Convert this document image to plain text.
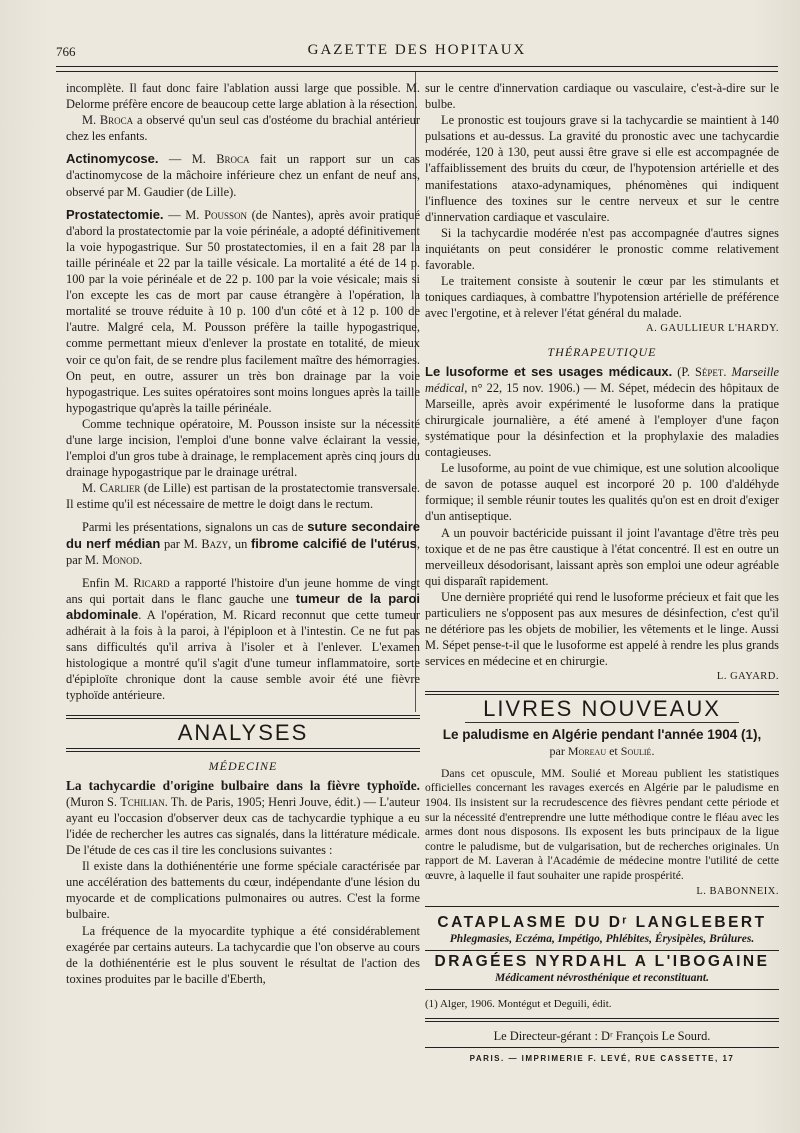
766	GAZETTE DES HOPITAUX

incomplète. Il faut donc faire l'ablation aussi large que possible. M. Delorme préfère encore de beaucoup cette large ablation à la résection.

M. Broca a observé qu'un seul cas d'ostéome du brachial antérieur chez les enfants.

Actinomycose. — M. Broca fait un rapport sur un cas d'actinomycose de la mâchoire inférieure chez un enfant de neuf ans, observé par M. Gaudier (de Lille).

Prostatectomie. — M. Pousson (de Nantes), après avoir pratiqué d'abord la prostatectomie par la voie périnéale, a adopté définitivement la voie hypogastrique. Sur 50 prostatectomies, il en a fait 28 par la taille périnéale et 22 par la taille vésicale. La mortalité a été de 14 p. 100 par la voie périnéale et de 22 p. 100 par la voie vésicale; mais si l'on excepte les cas de mort par cause étrangère à l'opération, la mortalité se trouve réduite à 10 p. 100 d'un côté et à 12 p. 100 de l'autre. Malgré cela, M. Pousson préfère la taille hypogastrique, comme permettant mieux d'enlever la prostate en totalité, de mieux voir ce qu'on fait, de se rendre plus facilement maître des hémorragies. On peut, en outre, assurer un très bon drainage par la voie hypogastrique. Les suites opératoires sont moins longues après la taille hypogastrique qu'après la taille périnéale.

Comme technique opératoire, M. Pousson insiste sur la nécessité d'une large incision, l'emploi d'une bonne valve éclairant la vessie, l'emploi d'un gros tube à drainage, le remplacement après cinq jours du drainage hypogastrique par le drainage urétral.

M. Carlier (de Lille) est partisan de la prostatectomie transversale. Il estime qu'il est nécessaire de mettre le doigt dans le rectum.

Parmi les présentations, signalons un cas de suture secondaire du nerf médian par M. Bazy, un fibrome calcifié de l'utérus, par M. Monod.

Enfin M. Ricard a rapporté l'histoire d'un jeune homme de vingt ans qui portait dans le flanc gauche une tumeur de la paroi abdominale. A l'opération, M. Ricard reconnut que cette tumeur adhérait à la fois à la paroi, à l'épiploon et à l'intestin. Ce ne fut pas sans difficultés qu'il arriva à l'isoler et à l'enlever. L'examen histologique a montré qu'il s'agit d'une tumeur inflammatoire, sorte d'épiploïte chronique dont la cause semble avoir été une fièvre typhoïde antérieure.

ANALYSES
MÉDECINE

La tachycardie d'origine bulbaire dans la fièvre typhoïde. (Muron S. Tchilian. Th. de Paris, 1905; Henri Jouve, édit.) — L'auteur ayant eu l'occasion d'observer deux cas de tachycardie typhique a eu l'idée de rechercher les autres cas signalés, dans la littérature médicale. De l'étude de ces cas il tire les conclusions suivantes :

Il existe dans la dothiénentérie une forme spéciale caractérisée par une accélération des battements du cœur, indépendante d'une lésion du myocarde et de complications pulmonaires ou autres. C'est la forme bulbaire.

La fréquence de la myocardite typhique a été considérablement exagérée par certains auteurs. La tachycardie que l'on observe au cours de la dothiénentérie est le plus souvent le résultat de l'action des toxines produites par le bacille d'Eberth,

sur le centre d'innervation cardiaque ou vasculaire, c'est-à-dire sur le bulbe.

Le pronostic est toujours grave si la tachycardie se maintient à 140 pulsations et au-dessus. La gravité du pronostic avec une tachycardie modérée, 120 à 130, peut aussi être grave si elle est accompagnée de l'affaiblissement des bruits du cœur, de l'hypotension artérielle et des manifestations ataxo-adynamiques, phénomènes qui indiquent l'influence des toxines sur le centre nerveux et sur le centre d'innervation cardiaque et vasculaire.

Si la tachycardie modérée n'est pas accompagnée d'autres signes inquiétants on peut considérer le pronostic comme relativement favorable.

Le traitement consiste à soutenir le cœur par les stimulants et toniques cardiaques, à combattre l'hypotension artérielle de préférence avec l'ergotine, et à relever l'état général du malade.

A. GAULLIEUR L'HARDY.
THÉRAPEUTIQUE

Le lusoforme et ses usages médicaux. (P. Sépet. Marseille médical, n° 22, 15 nov. 1906.) — M. Sépet, médecin des hôpitaux de Marseille, après avoir expérimenté le lusoforme dans la pratique chirurgicale journalière, a été amené à l'employer d'une façon systématique pour la désinfection et la prophylaxie des maladies contagieuses.

Le lusoforme, au point de vue chimique, est une solution alcoolique de savon de potasse auquel est incorporé 20 p. 100 d'aldéhyde formique; il semble réunir toutes les qualités qu'on est en droit d'exiger d'un antiseptique.

A un pouvoir bactéricide puissant il joint l'avantage d'être très peu toxique et de ne pas être caustique à l'état concentré. Il est en outre un merveilleux désodorisant, laissant après son emploi une odeur agréable qui disparaît rapidement.

Une dernière propriété qui rend le lusoforme précieux et fait que les particuliers ne s'opposent pas aux mesures de désinfection, c'est qu'il ne détériore pas les objets de mobilier, les vêtements et le linge. Aussi M. Sépet pense-t-il que le lusoforme est appelé à rendre les plus grands services en médecine et en chirurgie.

L. GAYARD.
LIVRES NOUVEAUX
Le paludisme en Algérie pendant l'année 1904 (1),
par Moreau et Soulié.

Dans cet opuscule, MM. Soulié et Moreau publient les statistiques officielles concernant les ravages exercés en Algérie par le paludisme en 1904. Ils insistent sur la recrudescence des fièvres pendant cette période et sur la nécessité d'entreprendre une lutte méthodique contre le fléau avec les armes dont nous disposons. Ils exposent les buts principaux de la ligue contre le paludisme, but de vulgarisation, but de recherches originales. Un rapport de M. Laveran à l'Académie de médecine montre l'utilité de cette œuvre, à laquelle il faut souhaiter une rapide prospérité.

L. BABONNEIX.
CATAPLASME DU Dʳ LANGLEBERT
Phlegmasies, Eczéma, Impétigo, Phlébites, Érysipèles, Brûlures.
DRAGÉES NYRDAHL A L'IBOGAINE
Médicament névrosthénique et reconstituant.
(1) Alger, 1906. Montégut et Deguili, édit.
Le Directeur-gérant : Dʳ François Le Sourd.
PARIS. — IMPRIMERIE F. LEVÉ, RUE CASSETTE, 17
